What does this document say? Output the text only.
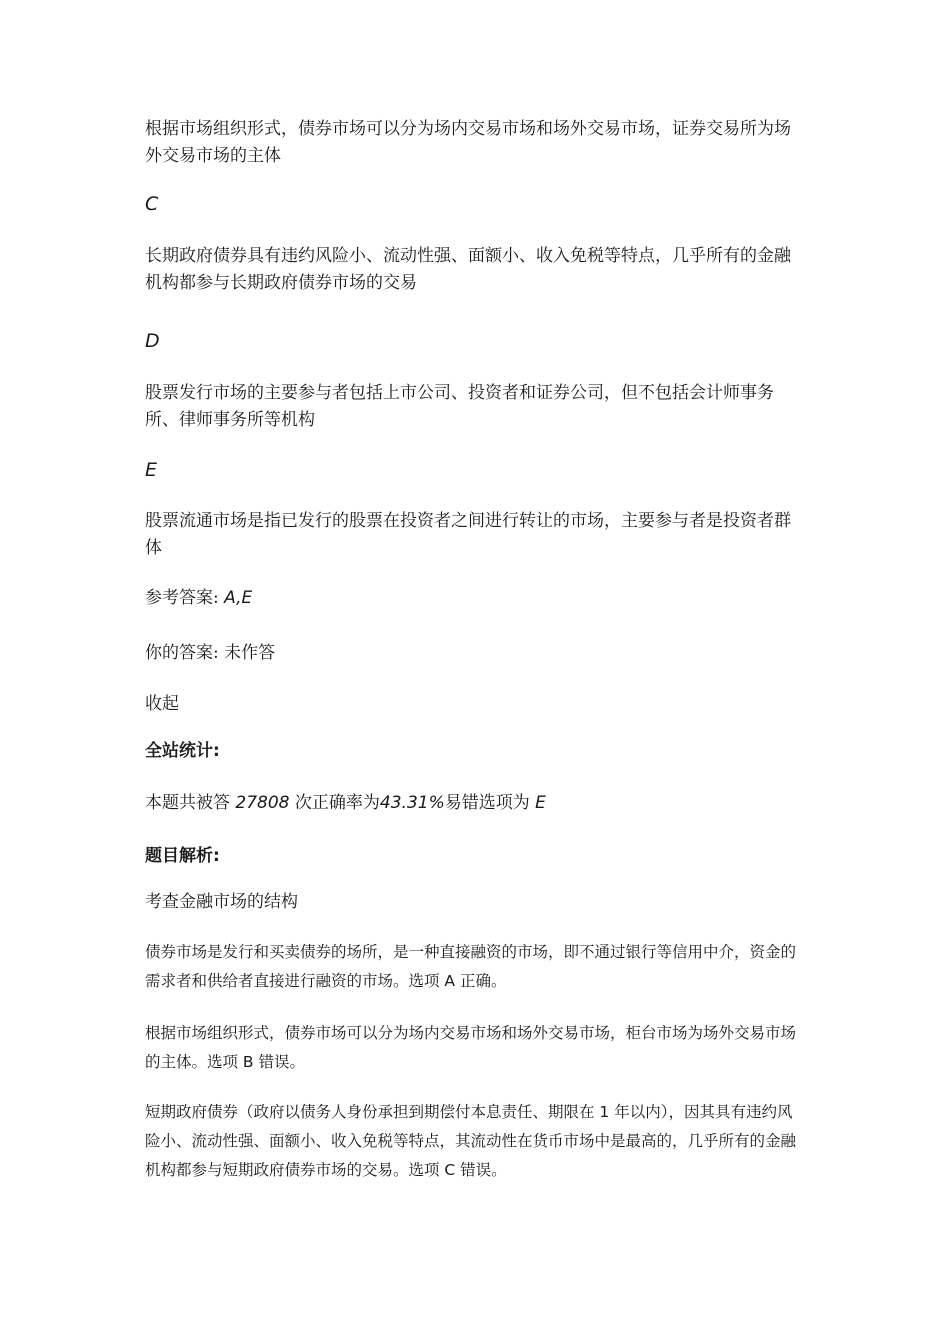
根据市场组织形式，债券市场可以分为场内交易市场和场外交易市场，证券交易所为场外交易市场的主体
C
长期政府债券具有违约风险小、流动性强、面额小、收入免税等特点，几乎所有的金融机构都参与长期政府债券市场的交易
D
股票发行市场的主要参与者包括上市公司、投资者和证券公司，但不包括会计师事务所、律师事务所等机构
E
股票流通市场是指已发行的股票在投资者之间进行转让的市场，主要参与者是投资者群体
参考答案: A,E
你的答案: 未作答
收起
全站统计:
本题共被答 27808 次正确率为43.31%易错选项为 E
题目解析:
考查金融市场的结构
债券市场是发行和买卖债券的场所，是一种直接融资的市场，即不通过银行等信用中介，资金的需求者和供给者直接进行融资的市场。选项 A 正确。
根据市场组织形式，债券市场可以分为场内交易市场和场外交易市场，柜台市场为场外交易市场的主体。选项 B 错误。
短期政府债券（政府以债务人身份承担到期偿付本息责任、期限在 1 年以内），因其具有违约风险小、流动性强、面额小、收入免税等特点，其流动性在货币市场中是最高的，几乎所有的金融机构都参与短期政府债券市场的交易。选项 C 错误。
